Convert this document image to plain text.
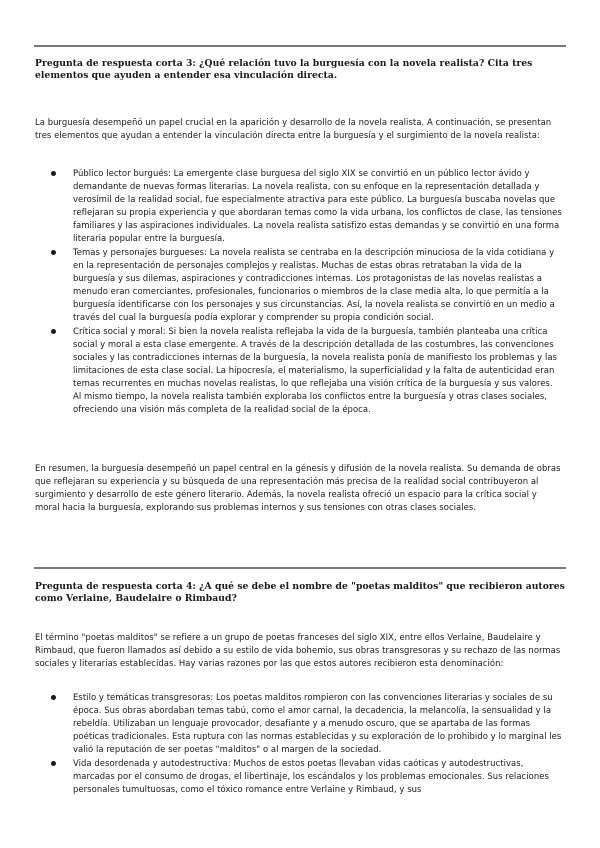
Pregunta de respuesta corta 3: ¿Qué relación tuvo la burguesía con la novela realista? Cita tres elementos que ayuden a entender esa vinculación directa.

La burguesía desempeñó un papel crucial en la aparición y desarrollo de la novela realista. A continuación, se presentan tres elementos que ayudan a entender la vinculación directa entre la burguesía y el surgimiento de la novela realista:

Público lector burgués: La emergente clase burguesa del siglo XIX se convirtió en un público lector ávido y demandante de nuevas formas literarias. La novela realista, con su enfoque en la representación detallada y verosímil de la realidad social, fue especialmente atractiva para este público. La burguesía buscaba novelas que reflejaran su propia experiencia y que abordaran temas como la vida urbana, los conflictos de clase, las tensiones familiares y las aspiraciones individuales. La novela realista satisfizo estas demandas y se convirtió en una forma literaria popular entre la burguesía.
Temas y personajes burgueses: La novela realista se centraba en la descripción minuciosa de la vida cotidiana y en la representación de personajes complejos y realistas. Muchas de estas obras retrataban la vida de la burguesía y sus dilemas, aspiraciones y contradicciones internas. Los protagonistas de las novelas realistas a menudo eran comerciantes, profesionales, funcionarios o miembros de la clase media alta, lo que permitía a la burguesía identificarse con los personajes y sus circunstancias. Así, la novela realista se convirtió en un medio a través del cual la burguesía podía explorar y comprender su propia condición social.
Crítica social y moral: Si bien la novela realista reflejaba la vida de la burguesía, también planteaba una crítica social y moral a esta clase emergente. A través de la descripción detallada de las costumbres, las convenciones sociales y las contradicciones internas de la burguesía, la novela realista ponía de manifiesto los problemas y las limitaciones de esta clase social. La hipocresía, el materialismo, la superficialidad y la falta de autenticidad eran temas recurrentes en muchas novelas realistas, lo que reflejaba una visión crítica de la burguesía y sus valores. Al mismo tiempo, la novela realista también exploraba los conflictos entre la burguesía y otras clases sociales, ofreciendo una visión más completa de la realidad social de la época.

En resumen, la burguesía desempeñó un papel central en la génesis y difusión de la novela realista. Su demanda de obras que reflejaran su experiencia y su búsqueda de una representación más precisa de la realidad social contribuyeron al surgimiento y desarrollo de este género literario. Además, la novela realista ofreció un espacio para la crítica social y moral hacia la burguesía, explorando sus problemas internos y sus tensiones con otras clases sociales.

Pregunta de respuesta corta 4: ¿A qué se debe el nombre de "poetas malditos" que recibieron autores como Verlaine, Baudelaire o Rimbaud?

El término "poetas malditos" se refiere a un grupo de poetas franceses del siglo XIX, entre ellos Verlaine, Baudelaire y Rimbaud, que fueron llamados así debido a su estilo de vida bohemio, sus obras transgresoras y su rechazo de las normas sociales y literarias establecidas. Hay varias razones por las que estos autores recibieron esta denominación:

Estilo y temáticas transgresoras: Los poetas malditos rompieron con las convenciones literarias y sociales de su época. Sus obras abordaban temas tabú, como el amor carnal, la decadencia, la melancolía, la sensualidad y la rebeldía. Utilizaban un lenguaje provocador, desafiante y a menudo oscuro, que se apartaba de las formas poéticas tradicionales. Esta ruptura con las normas establecidas y su exploración de lo prohibido y lo marginal les valió la reputación de ser poetas "malditos" o al margen de la sociedad.
Vida desordenada y autodestructiva: Muchos de estos poetas llevaban vidas caóticas y autodestructivas, marcadas por el consumo de drogas, el libertinaje, los escándalos y los problemas emocionales. Sus relaciones personales tumultuosas, como el tóxico romance entre Verlaine y Rimbaud, y sus
